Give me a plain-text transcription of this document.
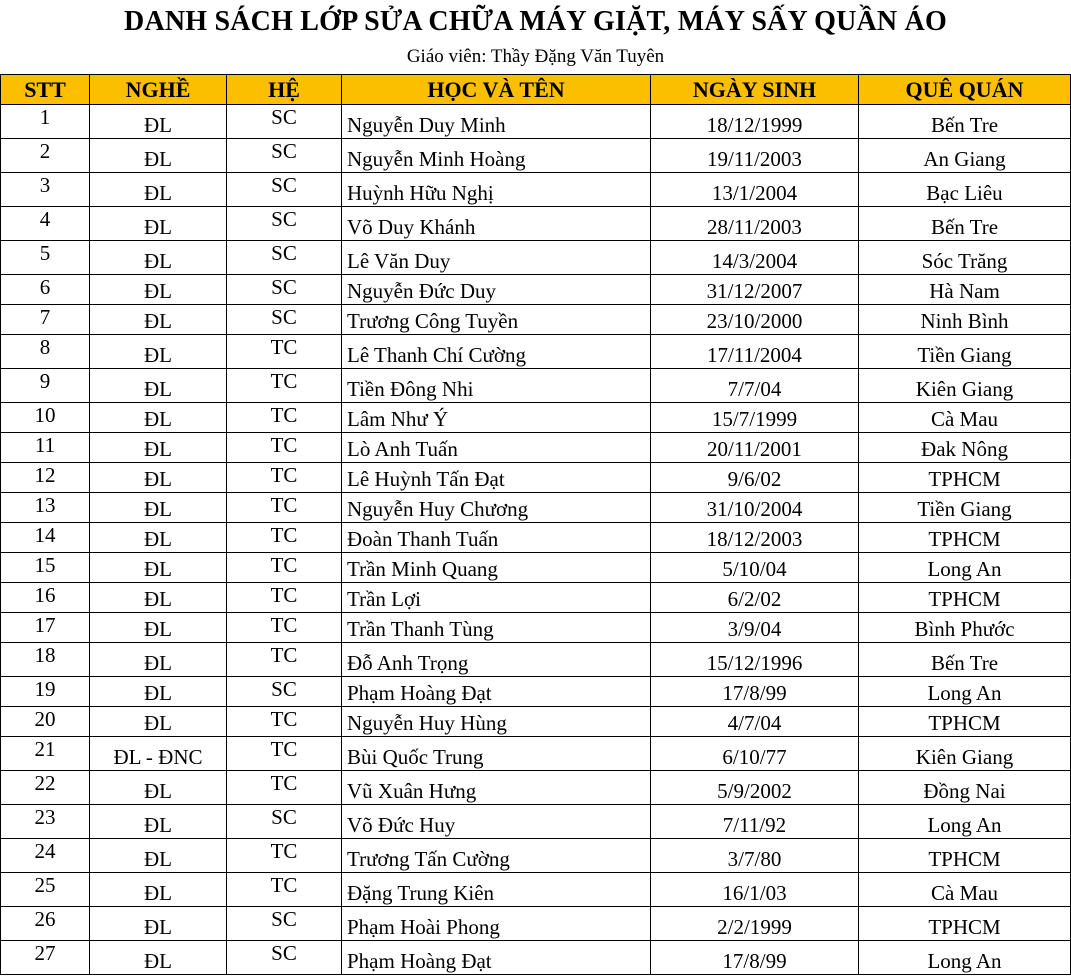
DANH SÁCH LỚP SỬA CHỮA MÁY GIẶT, MÁY SẤY QUẦN ÁO
Giáo viên: Thầy Đặng Văn Tuyên
STT	NGHỀ	HỆ	HỌC VÀ TÊN	NGÀY SINH	QUÊ QUÁN
1	ĐL	SC	Nguyễn Duy Minh	18/12/1999	Bến Tre
2	ĐL	SC	Nguyễn Minh Hoàng	19/11/2003	An Giang
3	ĐL	SC	Huỳnh Hữu Nghị	13/1/2004	Bạc Liêu
4	ĐL	SC	Võ Duy Khánh	28/11/2003	Bến Tre
5	ĐL	SC	Lê Văn Duy	14/3/2004	Sóc Trăng
6	ĐL	SC	Nguyễn Đức Duy	31/12/2007	Hà Nam
7	ĐL	SC	Trương Công Tuyền	23/10/2000	Ninh Bình
8	ĐL	TC	Lê Thanh Chí Cường	17/11/2004	Tiền Giang
9	ĐL	TC	Tiền Đông Nhi	7/7/04	Kiên Giang
10	ĐL	TC	Lâm Như Ý	15/7/1999	Cà Mau
11	ĐL	TC	Lò Anh Tuấn	20/11/2001	Đak Nông
12	ĐL	TC	Lê Huỳnh Tấn Đạt	9/6/02	TPHCM
13	ĐL	TC	Nguyễn Huy Chương	31/10/2004	Tiền Giang
14	ĐL	TC	Đoàn Thanh Tuấn	18/12/2003	TPHCM
15	ĐL	TC	Trần Minh Quang	5/10/04	Long An
16	ĐL	TC	Trần Lợi	6/2/02	TPHCM
17	ĐL	TC	Trần Thanh Tùng	3/9/04	Bình Phước
18	ĐL	TC	Đỗ Anh Trọng	15/12/1996	Bến Tre
19	ĐL	SC	Phạm Hoàng Đạt	17/8/99	Long An
20	ĐL	TC	Nguyễn Huy Hùng	4/7/04	TPHCM
21	ĐL - ĐNC	TC	Bùi Quốc Trung	6/10/77	Kiên Giang
22	ĐL	TC	Vũ Xuân Hưng	5/9/2002	Đồng Nai
23	ĐL	SC	Võ Đức Huy	7/11/92	Long An
24	ĐL	TC	Trương Tấn Cường	3/7/80	TPHCM
25	ĐL	TC	Đặng Trung Kiên	16/1/03	Cà Mau
26	ĐL	SC	Phạm Hoài Phong	2/2/1999	TPHCM
27	ĐL	SC	Phạm Hoàng Đạt	17/8/99	Long An
